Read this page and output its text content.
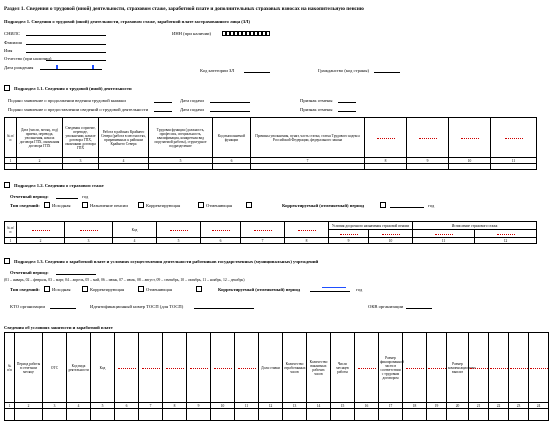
Раздел 1. Сведения о трудовой (иной) деятельности, страховом стаже, заработной плате и дополнительных страховых взносах на накопительную пенсию
Подраздел 1. Сведения о трудовой (иной) деятельности, страховом стаже, заработной плате застрахованного лица (ЗЛ)
СНИЛС	ИНН (при наличии)
Фамилия
Имя
Отчество (при наличии)
Дата рождения
Код категории ЗЛ	Гражданство (код страны)
Подраздел 1.1. Сведения о трудовой (иной) деятельности
Подано заявление о продолжении ведения трудовой книжки	Дата подачи	Признак отмены
Подано заявление о предоставлении сведений о трудовой деятельности	Дата подачи	Признак отмены
№ п/п	Дата (число, месяц, год) приема, перевода, увольнения, начала договора ГПХ, окончания договора ГПХ	Сведения о приеме, переводе, увольнении, начале договора ГПХ, окончании договора ГПХ	Работа в районах Крайнего Севера (работа в местностях, приравненных к районам Крайнего Севера	Трудовая функция (должность, профессия, специальность, квалификация, конкретная вид поручаемой работы), структурное подразделение	Код выполняемой функции	Причины увольнения, пункт, часть статьи, статья Трудового кодекса Российской Федерации, федерального закона				
1	2	3	4	5	6	7	8	9	10	11

Подраздел 1.2. Сведения о страховом стаже
Отчетный период:	год
Тип сведений:	Исходная	Назначение пенсии	Корректирующая	Отменяющая	Корректируемый (отменяемый) период	год
№ п/п			Код					Условия досрочного назначения страховой пенсии		Исчисление страхового стажа	

1	2	3	4	5	6	7	8	9	10	11	12
Подраздел 1.3. Сведения о заработной плате и условиях осуществления деятельности работников государственных (муниципальных) учреждений
Отчетный период:
(01 – январь, 02 – февраль, 03 – март, 04 – апрель, 05 – май, 06 – июнь, 07 – июль, 08 – август, 09 – сентябрь, 10 – октябрь, 11 – ноябрь, 12 – декабрь)
Тип сведений:	Исходная	Корректирующая	Отменяющая	Корректируемый (отменяемый) период	год
КТО организации	Идентификационный номер ТОСП (для ТОСП)	ОКВ организации
Сведения об условиях занятости и заработной плате
№ п/п	Период работы в отчетном месяце	ОТС	Код вида деятельности	Код							Доля ставки	Количество отработанных часов	Количество вакантных рабочих часов	Число месяцев работы		Размер фиксированной части в соответствии с трудовым договором			Размер компенсационных выплат				
1	2	3	4	5	6	7	8	9	10	11	12	13	14	15	16	17	18	19	20	21	22	23	24
